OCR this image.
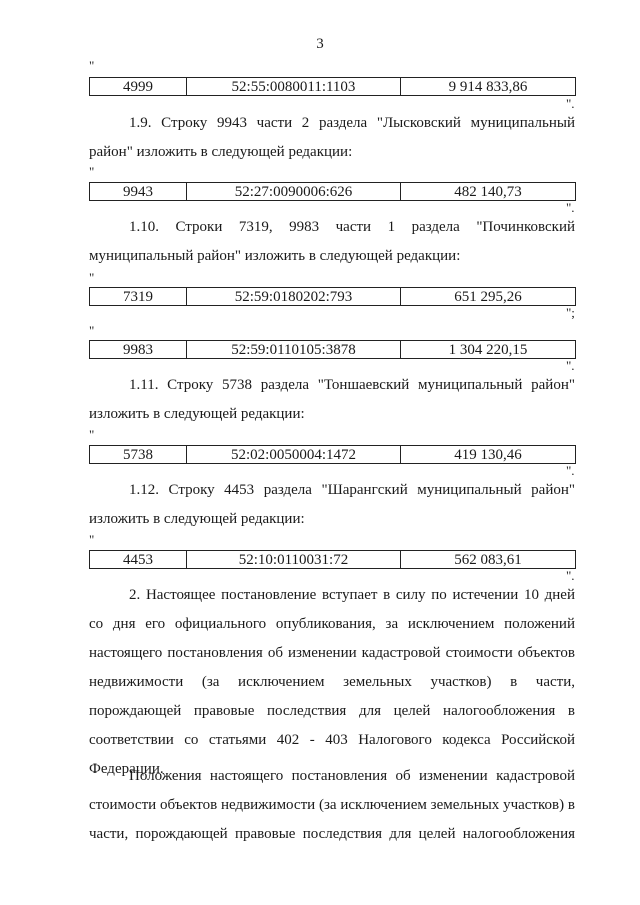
3
"
4999	52:55:0080011:1103	9 914 833,86
".

1.9. Строку 9943 части 2 раздела "Лысковский муниципальный район" изложить в следующей редакции:

"
9943	52:27:0090006:626	482 140,73
".

1.10. Строки 7319, 9983 части 1 раздела "Починковский муниципальный район" изложить в следующей редакции:

"
7319	52:59:0180202:793	651 295,26
";
"
9983	52:59:0110105:3878	1 304 220,15
".

1.11. Строку 5738 раздела "Тоншаевский муниципальный район" изложить в следующей редакции:

"
5738	52:02:0050004:1472	419 130,46
".

1.12. Строку 4453 раздела "Шарангский муниципальный район" изложить в следующей редакции:

"
4453	52:10:0110031:72	562 083,61
".

2. Настоящее постановление вступает в силу по истечении 10 дней со дня его официального опубликования, за исключением положений настоящего постановления об изменении кадастровой стоимости объектов недвижимости (за исключением земельных участков) в части, порождающей правовые последствия для целей налогообложения в соответствии со статьями 402 - 403 Налогового кодекса Российской Федерации.

Положения настоящего постановления об изменении кадастровой стоимости объектов недвижимости (за исключением земельных участков) в части, порождающей правовые последствия для целей налогообложения
